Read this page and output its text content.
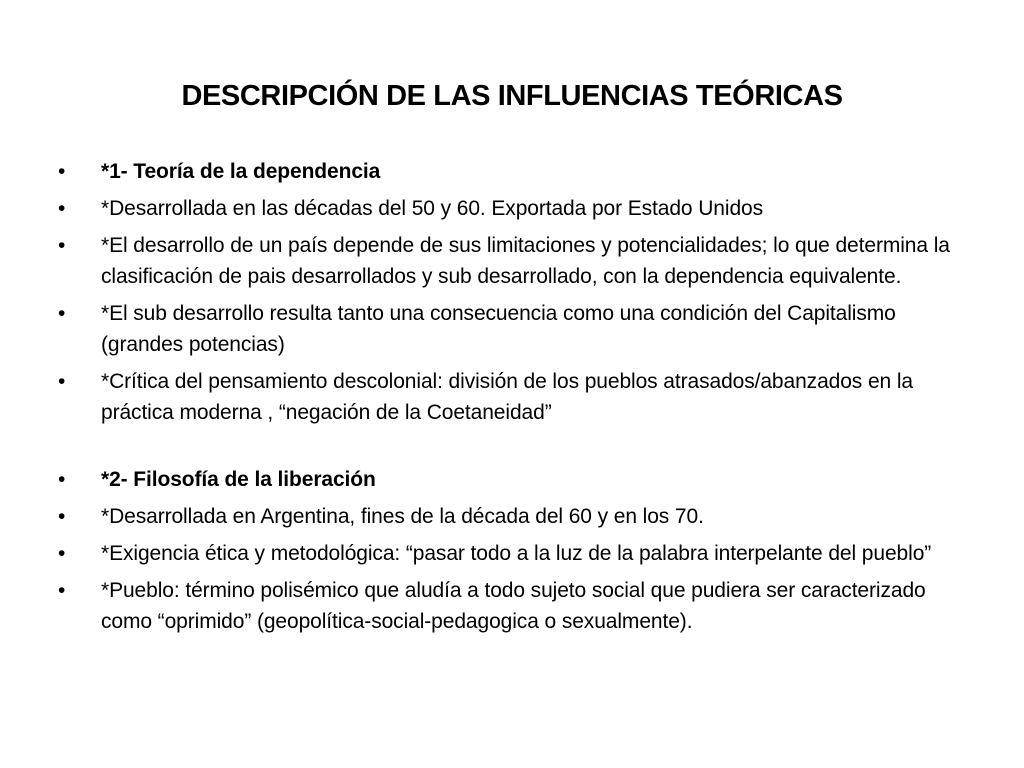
DESCRIPCIÓN DE LAS INFLUENCIAS TEÓRICAS
•	*1- Teoría de la dependencia
•	*Desarrollada en las décadas del 50 y 60. Exportada por Estado Unidos
•	*El desarrollo de un país depende de sus limitaciones y potencialidades; lo que determina la clasificación de pais desarrollados y sub desarrollado, con la dependencia equivalente.
•	*El sub desarrollo resulta tanto una consecuencia como una condición del Capitalismo (grandes potencias)
•	*Crítica del pensamiento descolonial: división de los pueblos atrasados/abanzados en la práctica moderna , “negación de la Coetaneidad”
•	*2- Filosofía de la liberación
•	*Desarrollada en Argentina, fines de la década del 60 y en los 70.
•	*Exigencia ética y metodológica: “pasar todo a la luz de la palabra interpelante del pueblo”
•	*Pueblo: término polisémico que aludía a todo sujeto social que pudiera ser caracterizado como “oprimido” (geopolítica-social-pedagogica o sexualmente).
